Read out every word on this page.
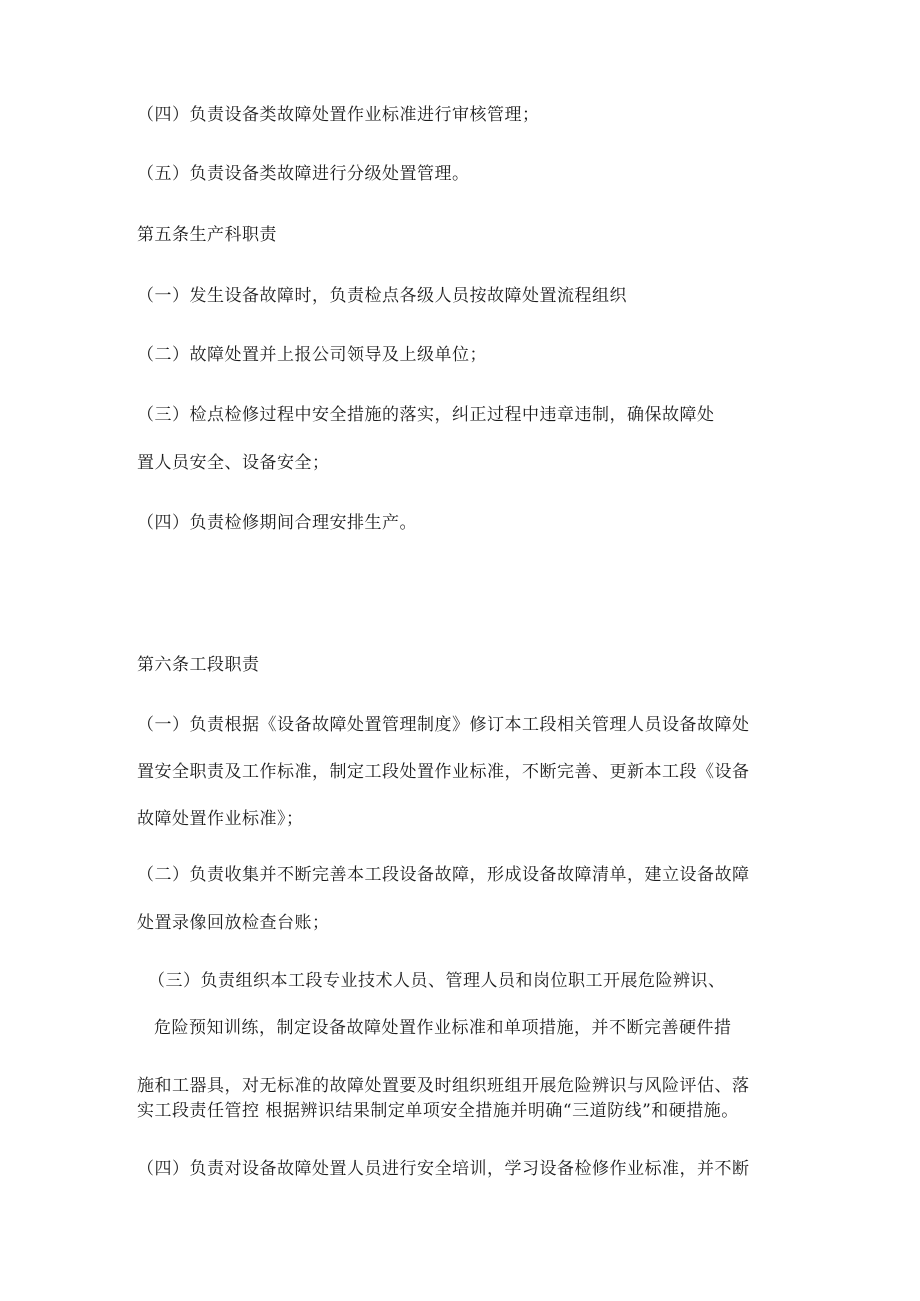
（四）负责设备类故障处置作业标准进行审核管理；
（五）负责设备类故障进行分级处置管理。
第五条生产科职责
（一）发生设备故障时，负责检点各级人员按故障处置流程组织
（二）故障处置并上报公司领导及上级单位；
（三）检点检修过程中安全措施的落实，纠正过程中违章违制，确保故障处
置人员安全、设备安全；
（四）负责检修期间合理安排生产。
第六条工段职责
（一）负责根据《设备故障处置管理制度》修订本工段相关管理人员设备故障处
置安全职责及工作标准，制定工段处置作业标准，不断完善、更新本工段《设备
故障处置作业标准》；
（二）负责收集并不断完善本工段设备故障，形成设备故障清单，建立设备故障
处置录像回放检查台账；
（三）负责组织本工段专业技术人员、管理人员和岗位职工开展危险辨识、
危险预知训练，制定设备故障处置作业标准和单项措施，并不断完善硬件措
施和工器具，对无标准的故障处置要及时组织班组开展危险辨识与风险评估、落
实工段责任管控 根据辨识结果制定单项安全措施并明确“三道防线”和硬措施。
（四）负责对设备故障处置人员进行安全培训，学习设备检修作业标准，并不断
